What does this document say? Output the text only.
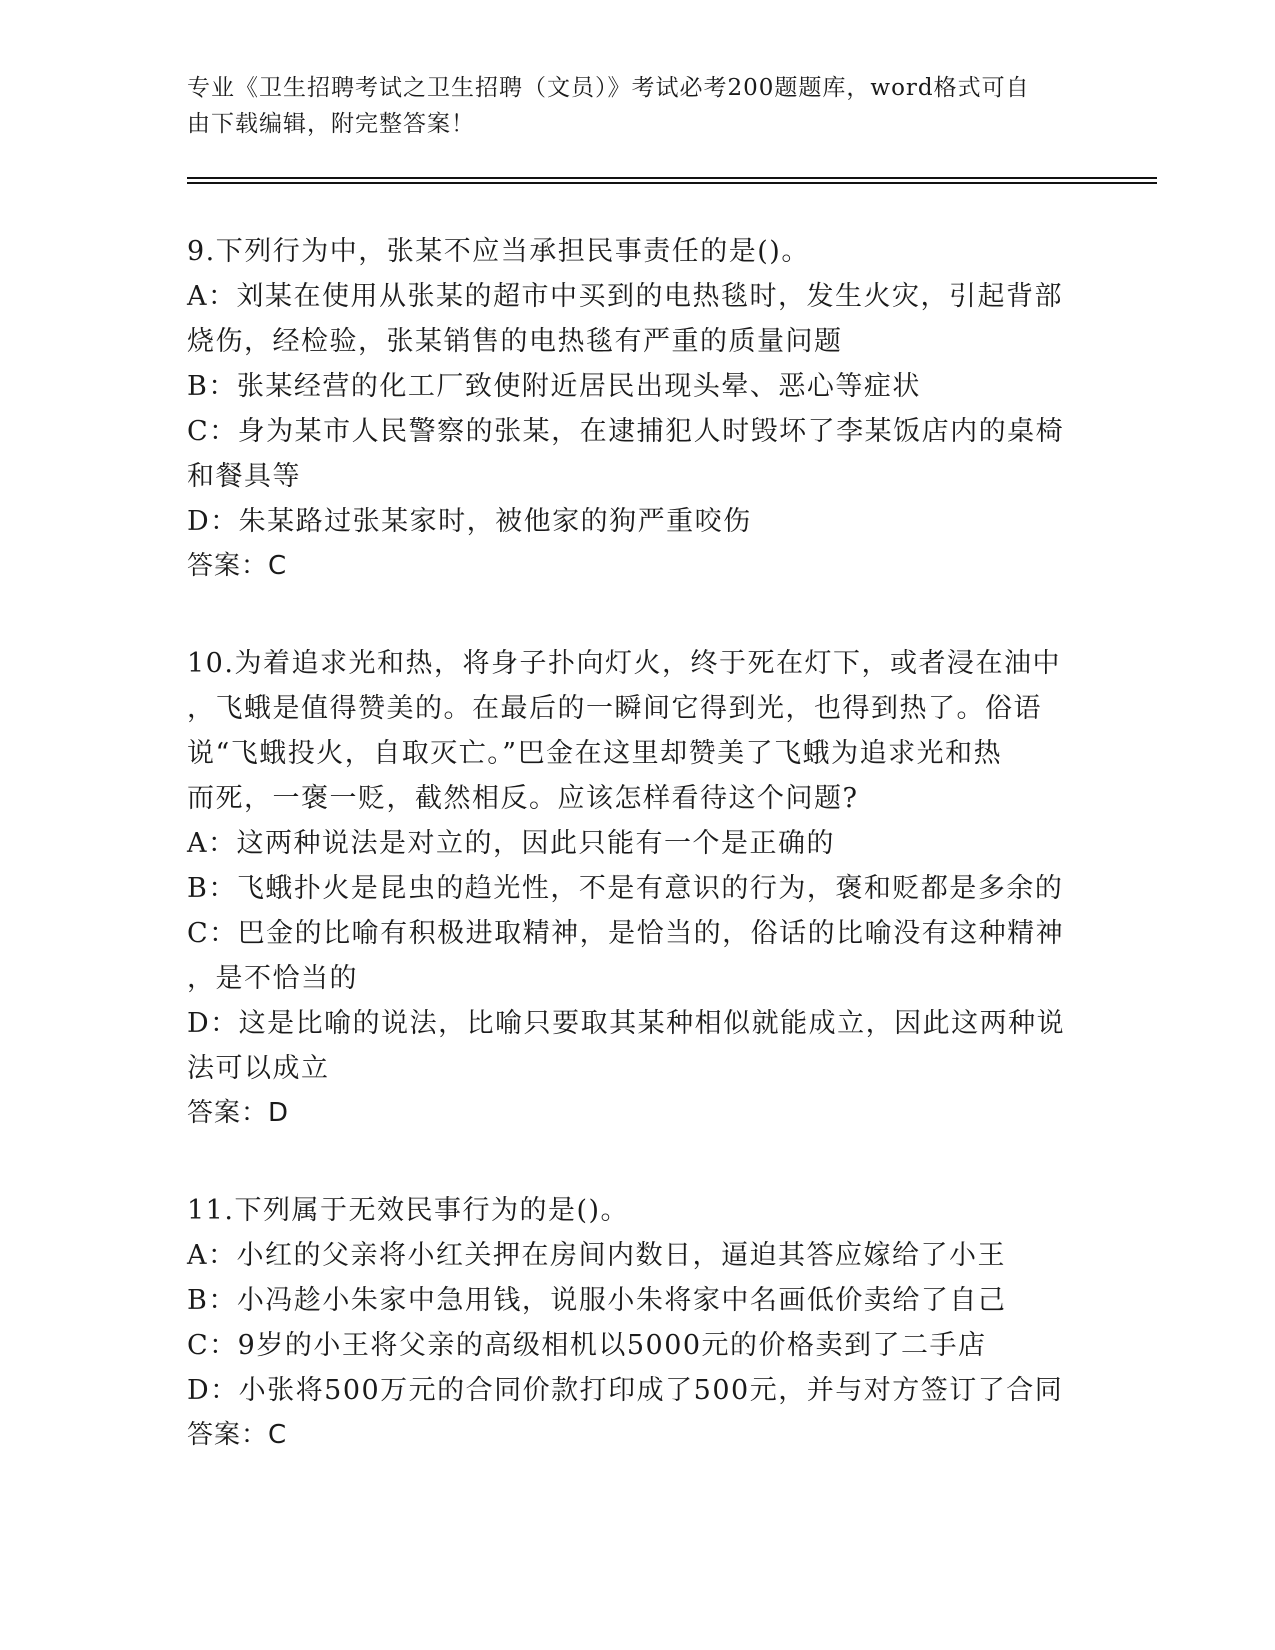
专业《卫生招聘考试之卫生招聘（文员）》考试必考200题题库，word格式可自
由下载编辑，附完整答案！
9.下列行为中，张某不应当承担民事责任的是()。
A：刘某在使用从张某的超市中买到的电热毯时，发生火灾，引起背部
烧伤，经检验，张某销售的电热毯有严重的质量问题
B：张某经营的化工厂致使附近居民出现头晕、恶心等症状
C：身为某市人民警察的张某，在逮捕犯人时毁坏了李某饭店内的桌椅
和餐具等
D：朱某路过张某家时，被他家的狗严重咬伤
答案：C
10.为着追求光和热，将身子扑向灯火，终于死在灯下，或者浸在油中
，飞蛾是值得赞美的。在最后的一瞬间它得到光，也得到热了。俗语
说“飞蛾投火，自取灭亡。”巴金在这里却赞美了飞蛾为追求光和热
而死，一褒一贬，截然相反。应该怎样看待这个问题?
A：这两种说法是对立的，因此只能有一个是正确的
B：飞蛾扑火是昆虫的趋光性，不是有意识的行为，褒和贬都是多余的
C：巴金的比喻有积极进取精神，是恰当的，俗话的比喻没有这种精神
，是不恰当的
D：这是比喻的说法，比喻只要取其某种相似就能成立，因此这两种说
法可以成立
答案：D
11.下列属于无效民事行为的是()。
A：小红的父亲将小红关押在房间内数日，逼迫其答应嫁给了小王
B：小冯趁小朱家中急用钱，说服小朱将家中名画低价卖给了自己
C：9岁的小王将父亲的高级相机以5000元的价格卖到了二手店
D：小张将500万元的合同价款打印成了500元，并与对方签订了合同
答案：C
